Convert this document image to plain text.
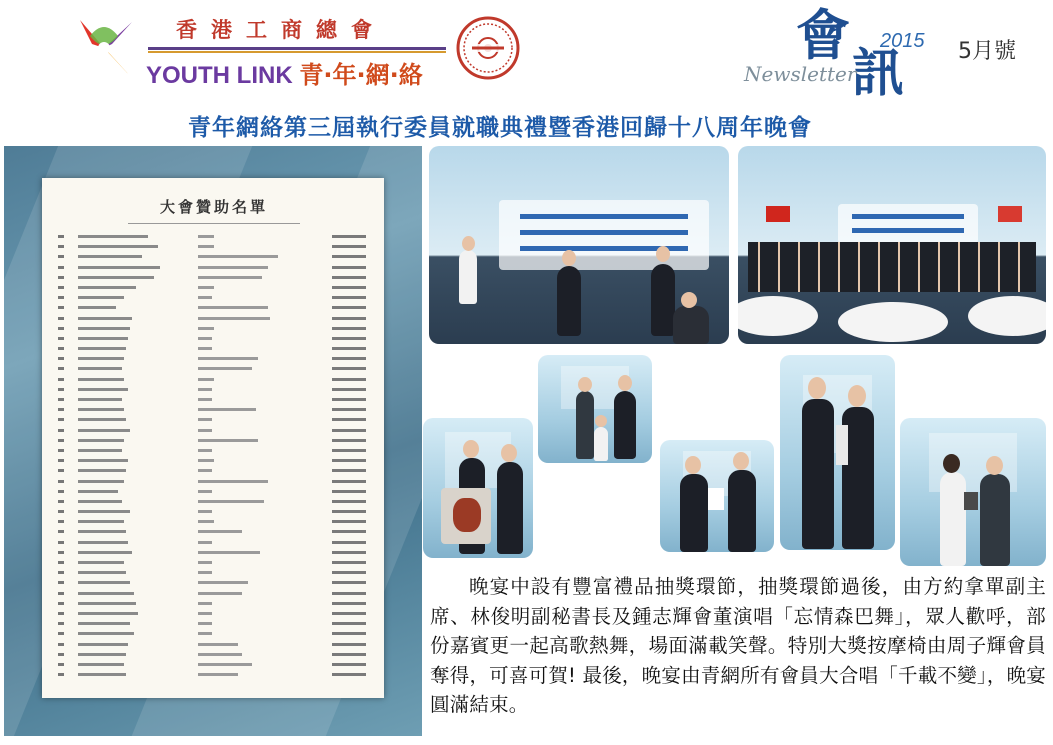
香港工商總會
YOUTH LINK 青·年·網·絡
會
訊
2015
Newsletter
5月號
青年網絡第三屆執行委員就職典禮暨香港回歸十八周年晚會
大會贊助名單

晚宴中設有豐富禮品抽獎環節，抽獎環節過後，由方約拿單副主席、林俊明副秘書長及鍾志輝會董演唱「忘情森巴舞」，眾人歡呼，部份嘉賓更一起高歌熱舞，場面滿載笑聲。特別大獎按摩椅由周子輝會員奪得，可喜可賀! 最後，晚宴由青網所有會員大合唱「千載不變」，晚宴圓滿結束。
